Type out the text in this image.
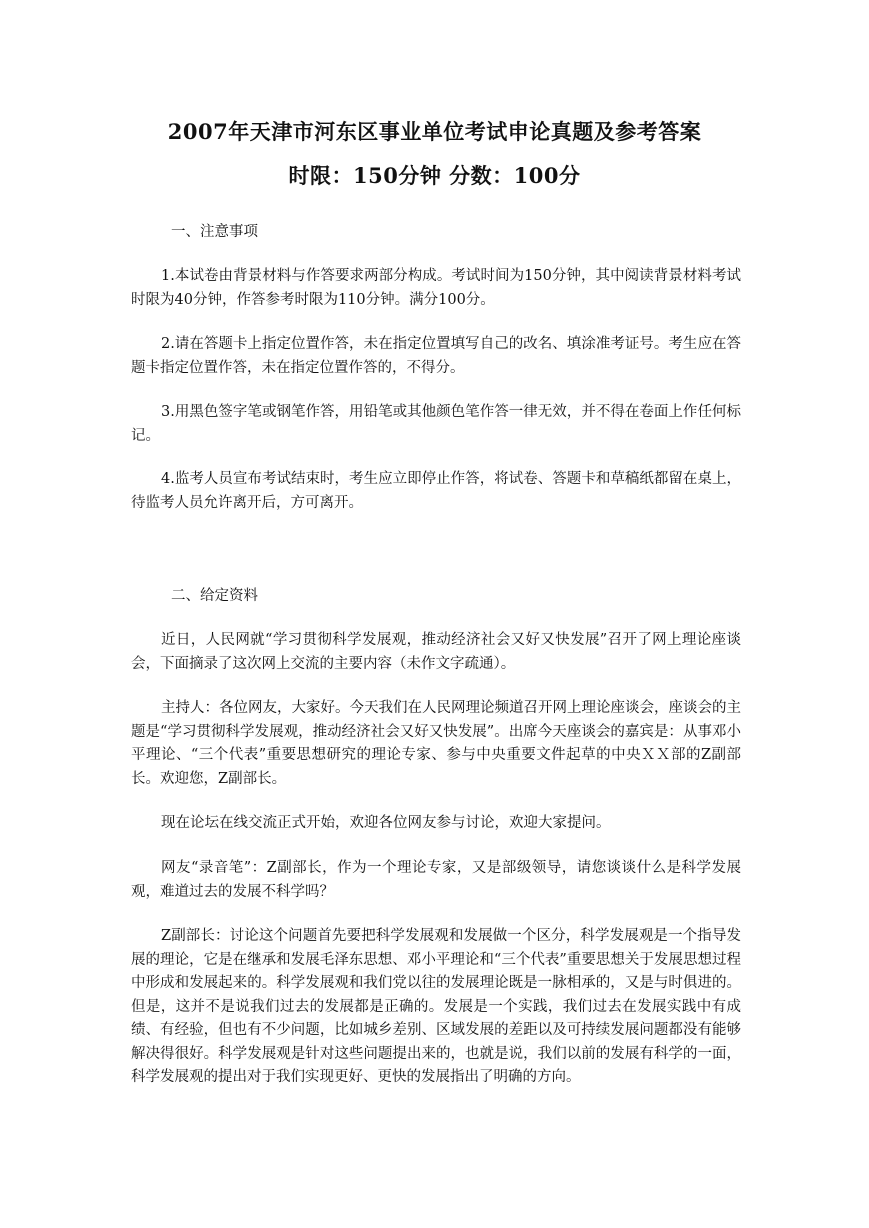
2007年天津市河东区事业单位考试申论真题及参考答案
时限：150分钟 分数：100分
一、注意事项
1.本试卷由背景材料与作答要求两部分构成。考试时间为150分钟，其中阅读背景材料考试时限为40分钟，作答参考时限为110分钟。满分100分。
2.请在答题卡上指定位置作答，未在指定位置填写自己的改名、填涂准考证号。考生应在答题卡指定位置作答，未在指定位置作答的，不得分。
3.用黑色签字笔或钢笔作答，用铅笔或其他颜色笔作答一律无效，并不得在卷面上作任何标记。
4.监考人员宣布考试结束时，考生应立即停止作答，将试卷、答题卡和草稿纸都留在桌上，待监考人员允许离开后，方可离开。
二、给定资料
近日，人民网就“学习贯彻科学发展观，推动经济社会又好又快发展”召开了网上理论座谈会，下面摘录了这次网上交流的主要内容（未作文字疏通）。
主持人：各位网友，大家好。今天我们在人民网理论频道召开网上理论座谈会，座谈会的主题是“学习贯彻科学发展观，推动经济社会又好又快发展”。出席今天座谈会的嘉宾是：从事邓小平理论、“三个代表”重要思想研究的理论专家、参与中央重要文件起草的中央ＸＸ部的Z副部长。欢迎您，Z副部长。
现在论坛在线交流正式开始，欢迎各位网友参与讨论，欢迎大家提问。
网友“录音笔”：Z副部长，作为一个理论专家，又是部级领导，请您谈谈什么是科学发展观，难道过去的发展不科学吗？
Z副部长：讨论这个问题首先要把科学发展观和发展做一个区分，科学发展观是一个指导发展的理论，它是在继承和发展毛泽东思想、邓小平理论和“三个代表”重要思想关于发展思想过程中形成和发展起来的。科学发展观和我们党以往的发展理论既是一脉相承的，又是与时俱进的。但是，这并不是说我们过去的发展都是正确的。发展是一个实践，我们过去在发展实践中有成绩、有经验，但也有不少问题，比如城乡差别、区域发展的差距以及可持续发展问题都没有能够解决得很好。科学发展观是针对这些问题提出来的，也就是说，我们以前的发展有科学的一面，科学发展观的提出对于我们实现更好、更快的发展指出了明确的方向。
